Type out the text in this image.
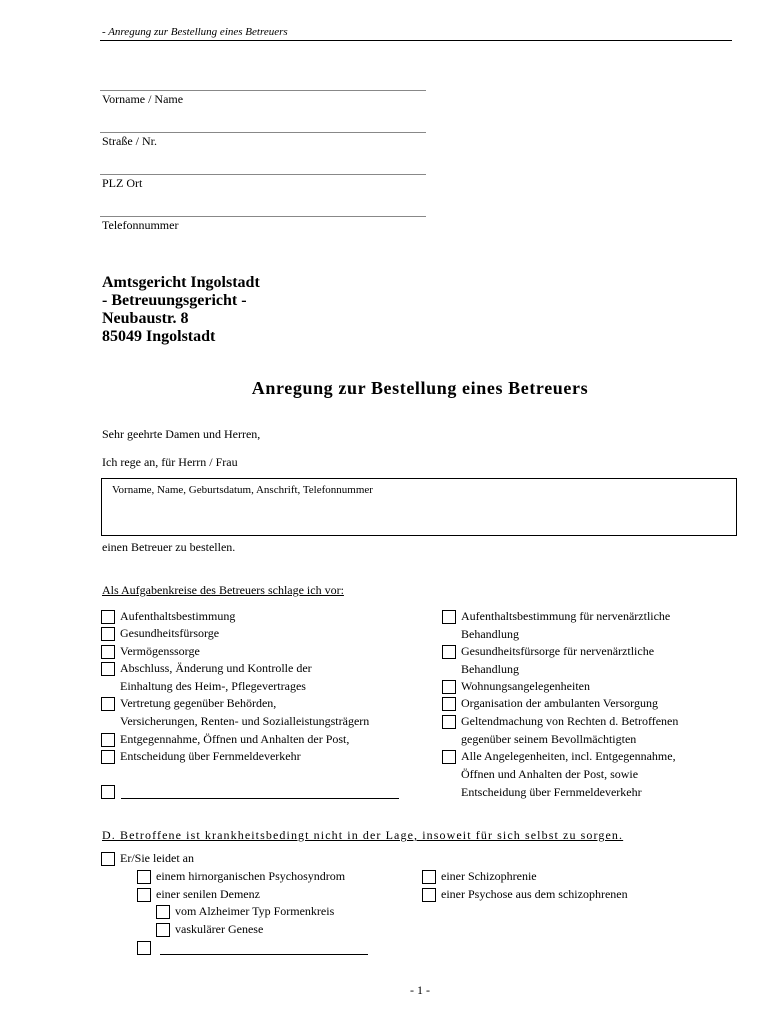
- Anregung zur Bestellung eines Betreuers
Vorname / Name
Straße / Nr.
PLZ Ort
Telefonnummer
Amtsgericht Ingolstadt
- Betreuungsgericht -
Neubaustr. 8
85049 Ingolstadt
Anregung zur Bestellung eines Betreuers
Sehr geehrte Damen und Herren,
Ich rege an, für Herrn / Frau
Vorname, Name, Geburtsdatum, Anschrift, Telefonnummer
einen Betreuer zu bestellen.
Als Aufgabenkreise des Betreuers schlage ich vor:
Aufenthaltsbestimmung
Gesundheitsfürsorge
Vermögenssorge
Abschluss, Änderung und Kontrolle der
Einhaltung des Heim-, Pflegevertrages
Vertretung gegenüber Behörden,
Versicherungen, Renten- und Sozialleistungsträgern
Entgegennahme, Öffnen und Anhalten der Post,
Entscheidung über Fernmeldeverkehr
Aufenthaltsbestimmung für nervenärztliche
Behandlung
Gesundheitsfürsorge für nervenärztliche
Behandlung
Wohnungsangelegenheiten
Organisation der ambulanten Versorgung
Geltendmachung von Rechten d. Betroffenen
gegenüber seinem Bevollmächtigten
Alle Angelegenheiten, incl. Entgegennahme,
Öffnen und Anhalten der Post, sowie
Entscheidung über Fernmeldeverkehr
D. Betroffene ist krankheitsbedingt nicht in der Lage, insoweit für sich selbst zu sorgen.
Er/Sie leidet an
einem hirnorganischen Psychosyndrom
einer senilen Demenz
vom Alzheimer Typ Formenkreis
vaskulärer Genese
einer Schizophrenie
einer Psychose aus dem schizophrenen
- 1 -
